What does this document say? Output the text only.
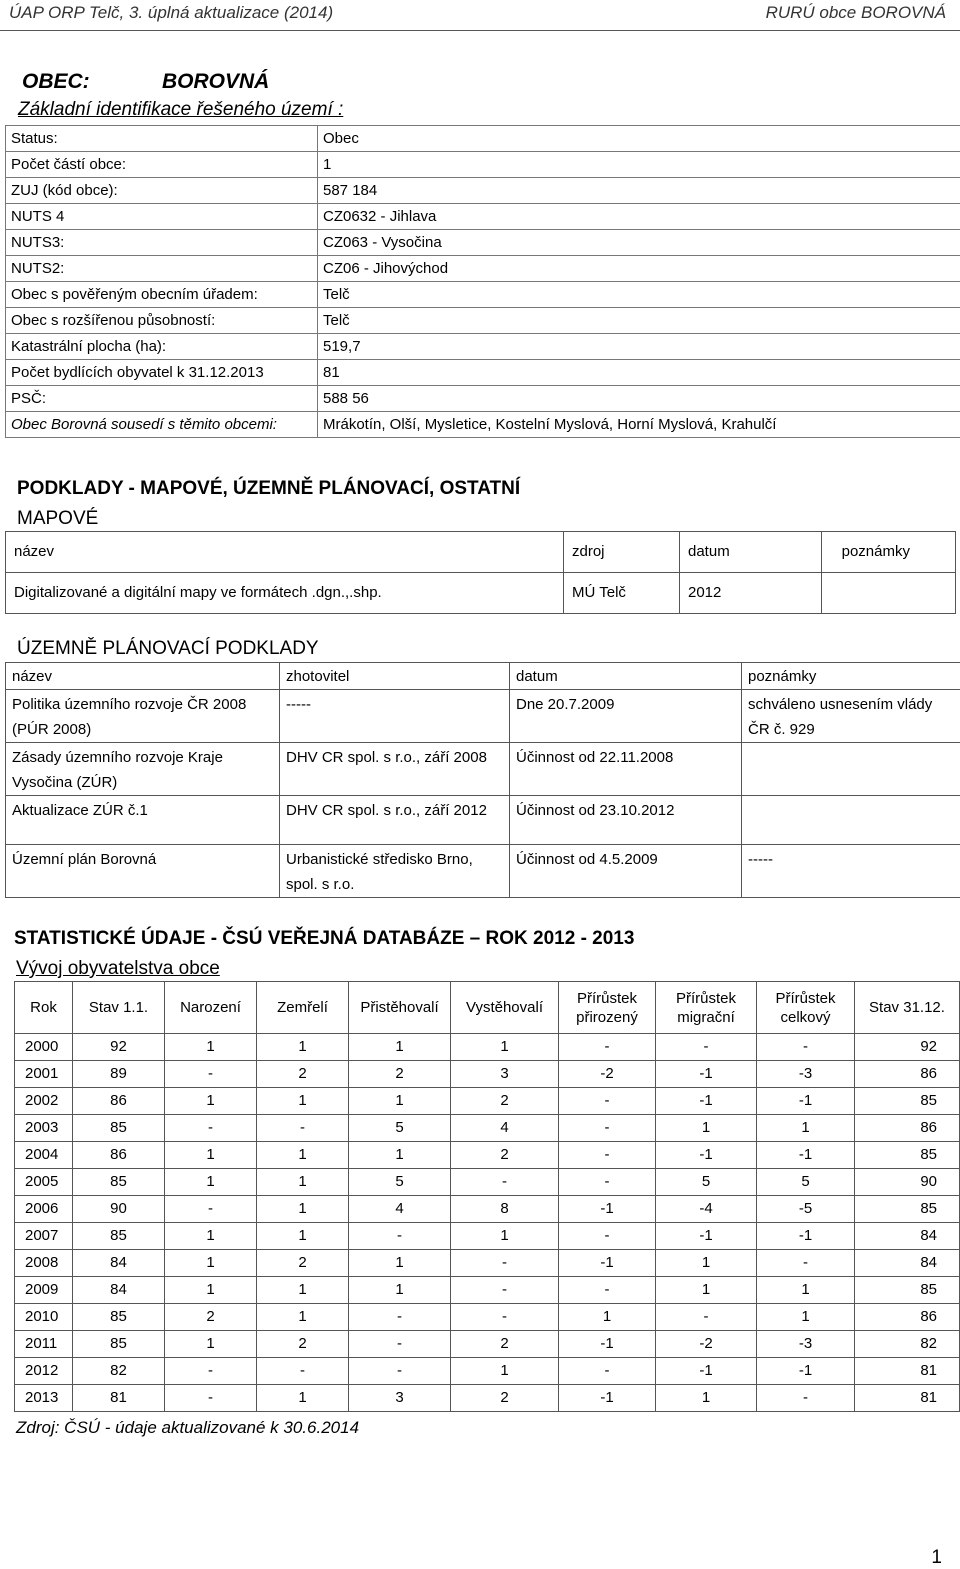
ÚAP ORP Telč, 3. úplná aktualizace (2014)	RURÚ obce BOROVNÁ
OBEC:	BOROVNÁ
Základní identifikace řešeného území :
Status:	Obec
Počet částí obce:	1
ZUJ (kód obce):	587 184
NUTS 4	CZ0632 - Jihlava
NUTS3:	CZ063 - Vysočina
NUTS2:	CZ06 - Jihovýchod
Obec s pověřeným obecním úřadem:	Telč
Obec s rozšířenou působností:	Telč
Katastrální plocha (ha):	519,7
Počet bydlících obyvatel k 31.12.2013	81
PSČ:	588 56
Obec Borovná sousedí s těmito obcemi:	Mrákotín, Olší, Mysletice, Kostelní Myslová, Horní Myslová, Krahulčí
PODKLADY - MAPOVÉ, ÚZEMNĚ PLÁNOVACÍ, OSTATNÍ
MAPOVÉ
název	zdroj	datum	poznámky
Digitalizované a digitální mapy ve formátech .dgn.,.shp.	MÚ Telč	2012	
ÚZEMNĚ PLÁNOVACÍ PODKLADY
název	zhotovitel	datum	poznámky
Politika územního rozvoje ČR 2008 (PÚR 2008)	-----	Dne 20.7.2009	schváleno usnesením vlády ČR č. 929
Zásady územního rozvoje Kraje Vysočina (ZÚR)	DHV CR spol. s r.o., září 2008	Účinnost od 22.11.2008	
Aktualizace ZÚR č.1	DHV CR spol. s r.o., září 2012	Účinnost od 23.10.2012	
Územní plán Borovná	Urbanistické středisko Brno, spol. s r.o.	Účinnost od 4.5.2009	-----
STATISTICKÉ ÚDAJE - ČSÚ VEŘEJNÁ DATABÁZE – ROK 2012 - 2013
Vývoj obyvatelstva obce
Rok	Stav 1.1.	Narození	Zemřelí	Přistěhovalí	Vystěhovalí	Přírůstek přirozený	Přírůstek migrační	Přírůstek celkový	Stav 31.12.
2000	92	1	1	1	1	-	-	-	92
2001	89	-	2	2	3	-2	-1	-3	86
2002	86	1	1	1	2	-	-1	-1	85
2003	85	-	-	5	4	-	1	1	86
2004	86	1	1	1	2	-	-1	-1	85
2005	85	1	1	5	-	-	5	5	90
2006	90	-	1	4	8	-1	-4	-5	85
2007	85	1	1	-	1	-	-1	-1	84
2008	84	1	2	1	-	-1	1	-	84
2009	84	1	1	1	-	-	1	1	85
2010	85	2	1	-	-	1	-	1	86
2011	85	1	2	-	2	-1	-2	-3	82
2012	82	-	-	-	1	-	-1	-1	81
2013	81	-	1	3	2	-1	1	-	81
Zdroj: ČSÚ - údaje aktualizované k 30.6.2014
1
